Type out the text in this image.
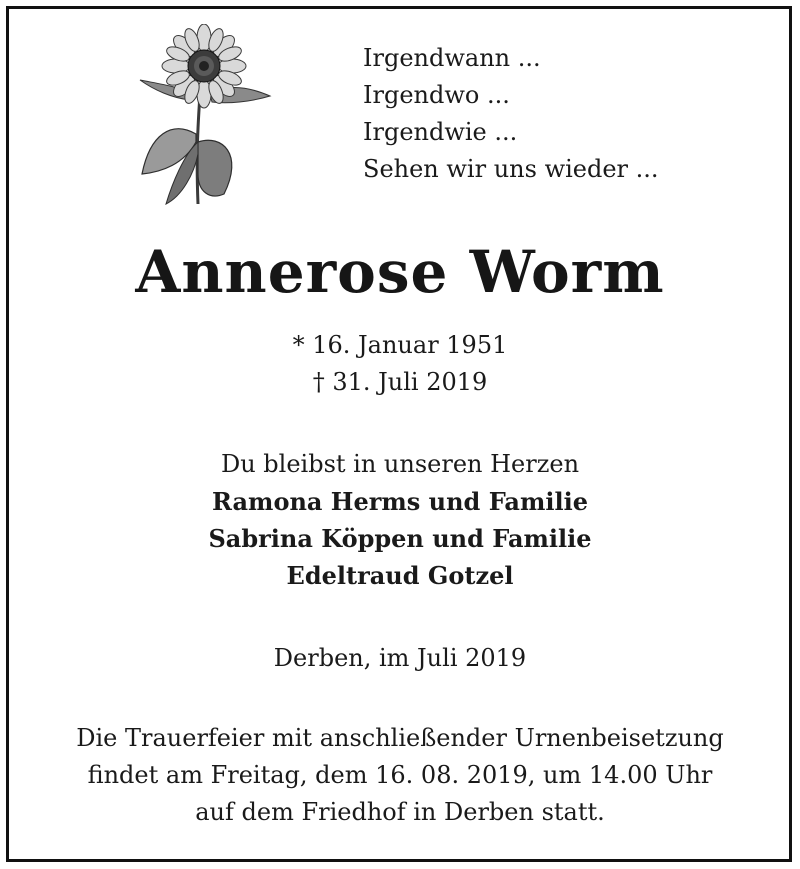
Irgendwann ...
Irgendwo ...
Irgendwie ...
Sehen wir uns wieder ...
Annerose Worm
* 16. Januar 1951
† 31. Juli 2019
Du bleibst in unseren Herzen
Ramona Herms und Familie
Sabrina Köppen und Familie
Edeltraud Gotzel
Derben, im Juli 2019
Die Trauerfeier mit anschließender Urnenbeisetzung
findet am Freitag, dem 16. 08. 2019, um 14.00 Uhr
auf dem Friedhof in Derben statt.
